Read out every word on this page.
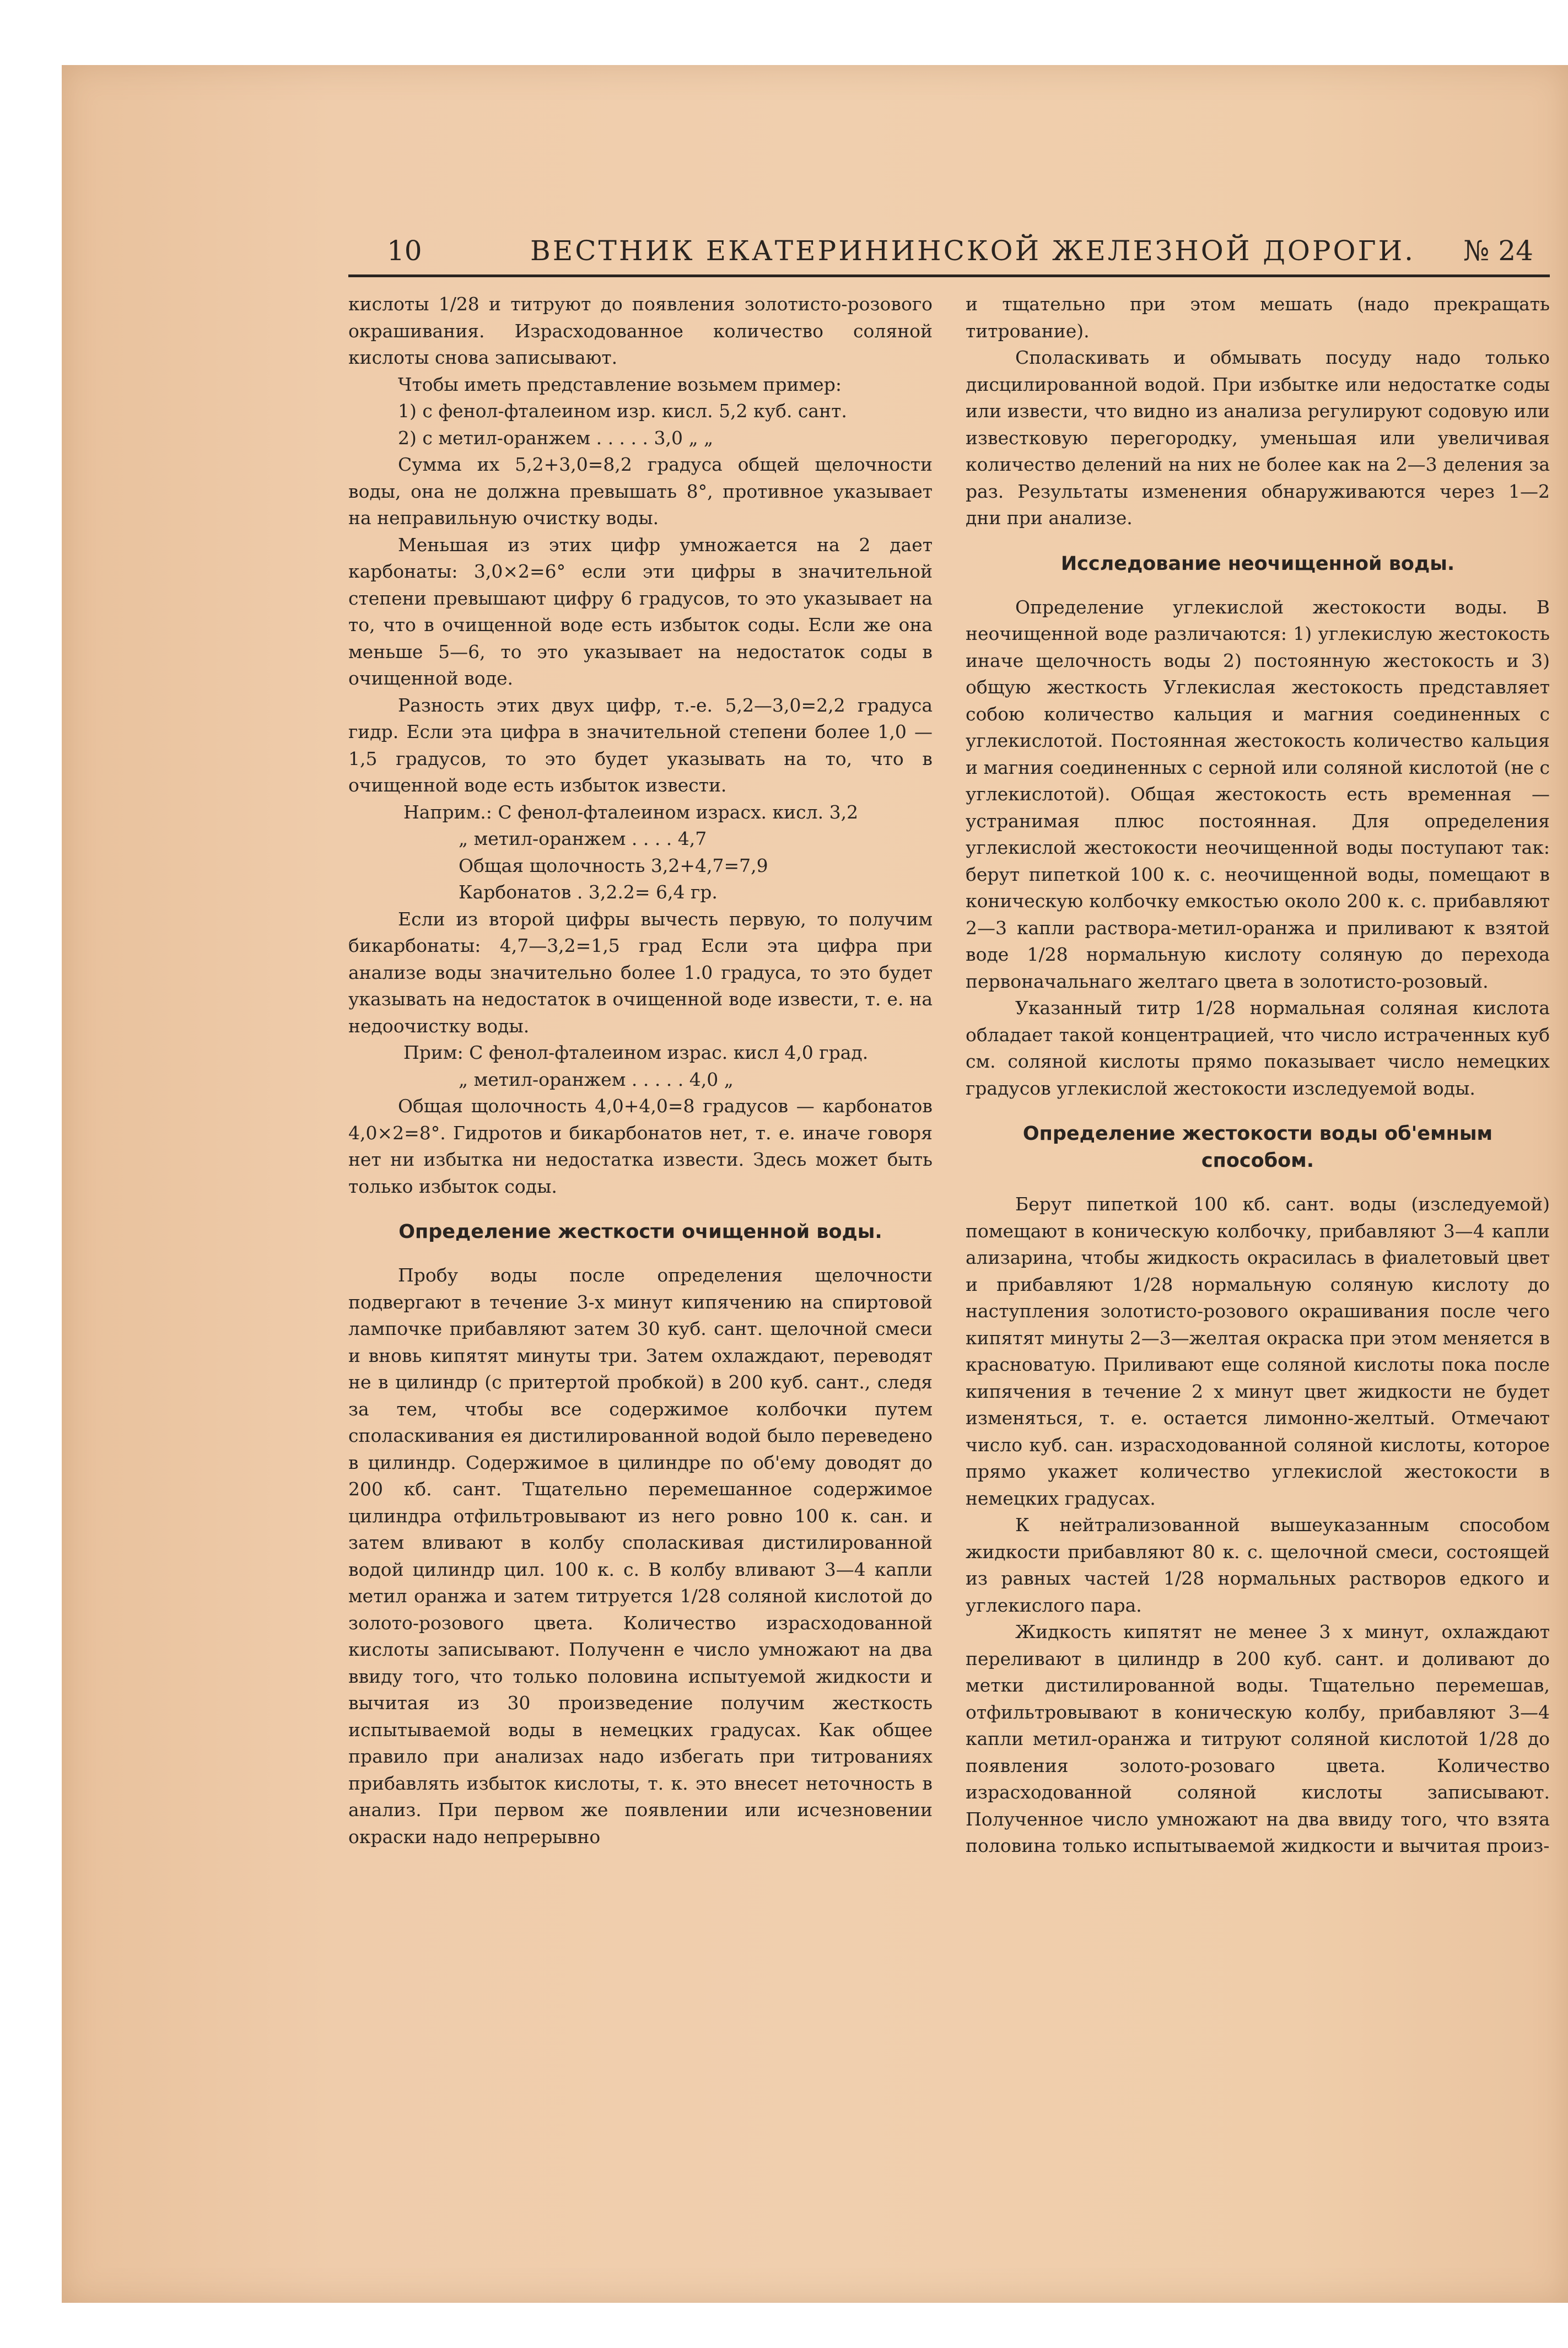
10	ВЕСТНИК ЕКАТЕРИНИНСКОЙ ЖЕЛЕЗНОЙ ДОРОГИ. № 24

кислоты 1/28 и титруют до появления золотисто-розового окрашивания. Израсходованное количество соляной кислоты снова записывают.

Чтобы иметь представление возьмем пример:

1) с фенол-фталеином изр. кисл. 5,2 куб. сант.

2) с метил-оранжем . . . . . 3,0 „ „

Сумма их 5,2+3,0=8,2 градуса общей щелочности воды, она не должна превышать 8°, противное указывает на неправильную очистку воды.

Меньшая из этих цифр умножается на 2 дает карбонаты: 3,0×2=6° если эти цифры в значительной степени превышают цифру 6 градусов, то это указывает на то, что в очищенной воде есть избыток соды. Если же она меньше 5—6, то это указывает на недостаток соды в очищенной воде.

Разность этих двух цифр, т.-е. 5,2—3,0=2,2 градуса гидр. Если эта цифра в значительной степени более 1,0 —1,5 градусов, то это будет указывать на то, что в очищенной воде есть избыток извести.

Наприм.: С фенол-фталеином израсх. кисл. 3,2

„ метил-оранжем . . . . 4,7

Общая щолочность 3,2+4,7=7,9

Карбонатов . 3,2.2= 6,4 гр.

Если из второй цифры вычесть первую, то получим бикарбонаты: 4,7—3,2=1,5 град Если эта цифра при анализе воды значительно более 1.0 градуса, то это будет указывать на недостаток в очищенной воде извести, т. е. на недоочистку воды.

Прим: С фенол-фталеином израс. кисл 4,0 град.

„ метил-оранжем . . . . . 4,0 „

Общая щолочность 4,0+4,0=8 градусов — карбонатов 4,0×2=8°. Гидротов и бикарбонатов нет, т. е. иначе говоря нет ни избытка ни недостатка извести. Здесь может быть только избыток соды.

Определение жесткости очищенной воды.

Пробу воды после определения щелочности подвергают в течение 3-х минут кипячению на спиртовой лампочке прибавляют затем 30 куб. сант. щелочной смеси и вновь кипятят минуты три. Затем охлаждают, переводят не в цилиндр (с притертой пробкой) в 200 куб. сант., следя за тем, чтобы все содержимое колбочки путем споласкивания ея дистилированной водой было переведено в цилиндр. Содержимое в цилиндре по об'ему доводят до 200 кб. сант. Тщательно перемешанное содержимое цилиндра отфильтровывают из него ровно 100 к. сан. и затем вливают в колбу споласкивая дистилированной водой цилиндр цил. 100 к. с. В колбу вливают 3—4 капли метил оранжа и затем титруется 1/28 соляной кислотой до золото-розового цвета. Количество израсходованной кислоты записывают. Полученн е число умножают на два ввиду того, что только половина испытуемой жидкости и вычитая из 30 произведение получим жесткость испытываемой воды в немецких градусах. Как общее правило при анализах надо избегать при титрованиях прибавлять избыток кислоты, т. к. это внесет неточность в анализ. При первом же появлении или исчезновении окраски надо непрерывно

и тщательно при этом мешать (надо прекращать титрование).

Споласкивать и обмывать посуду надо только дисцилированной водой. При избытке или недостатке соды или извести, что видно из анализа регулируют содовую или известковую перегородку, уменьшая или увеличивая количество делений на них не более как на 2—3 деления за раз. Результаты изменения обнаруживаются через 1—2 дни при анализе.

Исследование неочищенной воды.

Определение углекислой жестокости воды. В неочищенной воде различаются: 1) углекислую жестокость иначе щелочность воды 2) постоянную жестокость и 3) общую жесткость Углекислая жестокость представляет собою количество кальция и магния соединенных с углекислотой. Постоянная жестокость количество кальция и магния соединенных с серной или соляной кислотой (не с углекислотой). Общая жестокость есть временная —устранимая плюс постоянная. Для определения углекислой жестокости неочищенной воды поступают так: берут пипеткой 100 к. с. неочищенной воды, помещают в коническую колбочку емкостью около 200 к. с. прибавляют 2—3 капли раствора-метил-оранжа и приливают к взятой воде 1/28 нормальную кислоту соляную до перехода первоначальнаго желтаго цвета в золотисто-розовый.

Указанный титр 1/28 нормальная соляная кислота обладает такой концентрацией, что число истраченных куб см. соляной кислоты прямо показывает число немецких градусов углекислой жестокости изследуемой воды.

Определение жестокости воды об'емным способом.

Берут пипеткой 100 кб. сант. воды (изследуемой) помещают в коническую колбочку, прибавляют 3—4 капли ализарина, чтобы жидкость окрасилась в фиалетовый цвет и прибавляют 1/28 нормальную соляную кислоту до наступления золотисто-розового окрашивания после чего кипятят минуты 2—3—желтая окраска при этом меняется в красноватую. Приливают еще соляной кислоты пока после кипячения в течение 2 х минут цвет жидкости не будет изменяться, т. е. остается лимонно-желтый. Отмечают число куб. сан. израсходованной соляной кислоты, которое прямо укажет количество углекислой жестокости в немецких градусах.

К нейтрализованной вышеуказанным способом жидкости прибавляют 80 к. с. щелочной смеси, состоящей из равных частей 1/28 нормальных растворов едкого и углекислого пара.

Жидкость кипятят не менее 3 х минут, охлаждают переливают в цилиндр в 200 куб. сант. и доливают до метки дистилированной воды. Тщательно перемешав, отфильтровывают в коническую колбу, прибавляют 3—4 капли метил-оранжа и титруют соляной кислотой 1/28 до появления золото-розоваго цвета. Количество израсходованной соляной кислоты записывают. Полученное число умножают на два ввиду того, что взята половина только испытываемой жидкости и вычитая произ-
